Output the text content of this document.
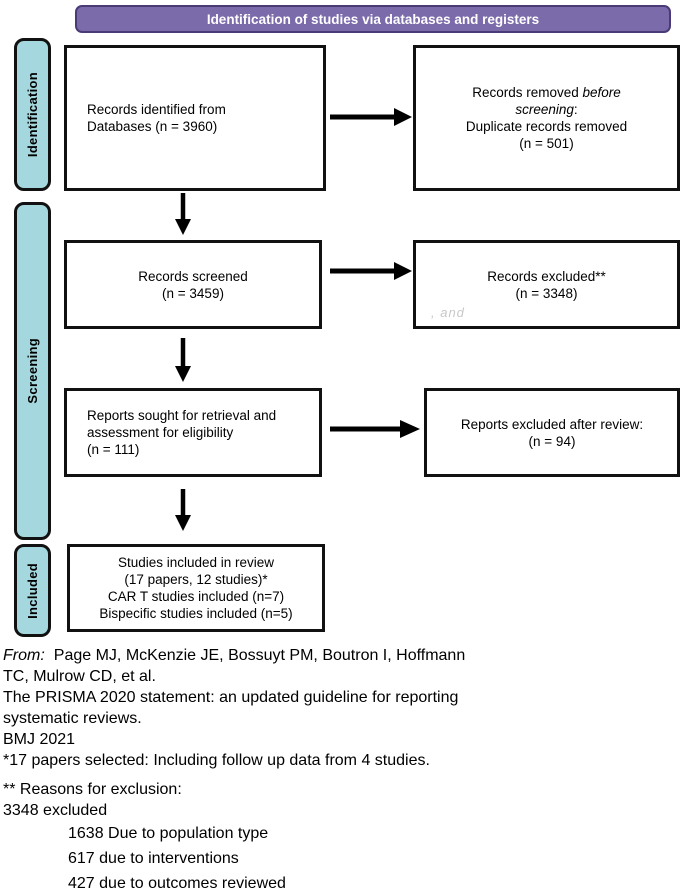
Identification of studies via databases and registers
Identification
Screening
Included
Records identified from
Databases (n = 3960)
Records removed before
screening:
Duplicate records removed
(n = 501)
Records screened
(n = 3459)
Records excluded**
(n = 3348)
, and
Reports sought for retrieval and
assessment for eligibility
(n = 111)
Reports excluded after review:
(n = 94)
Studies included in review
(17 papers, 12 studies)*
CAR T studies included (n=7)
Bispecific studies included (n=5)
From: Page MJ, McKenzie JE, Bossuyt PM, Boutron I, Hoffmann
TC, Mulrow CD, et al.
The PRISMA 2020 statement: an updated guideline for reporting
systematic reviews.
BMJ 2021
*17 papers selected: Including follow up data from 4 studies.
** Reasons for exclusion:
3348 excluded
1638 Due to population type
617 due to interventions
427 due to outcomes reviewed
